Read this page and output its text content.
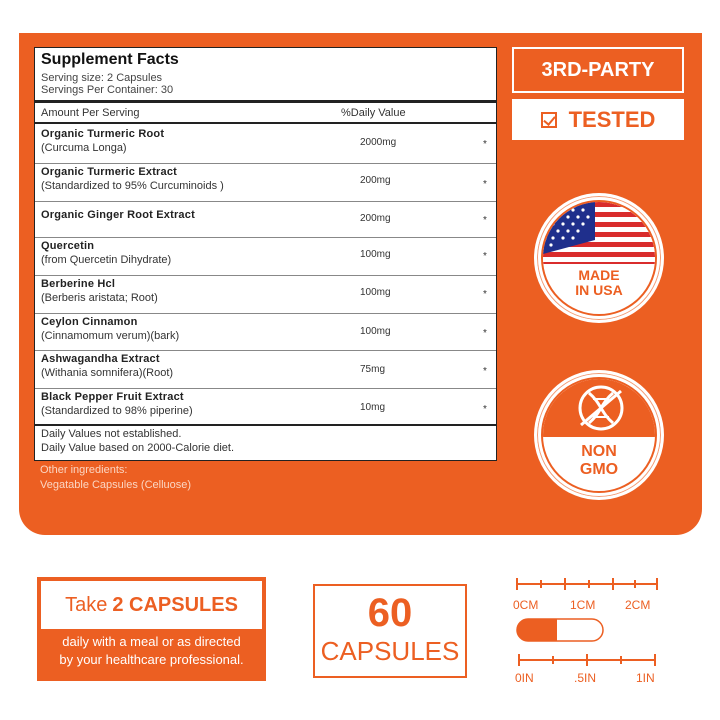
Supplement Facts
Serving size: 2 Capsules
Servings Per Container: 30
Amount Per Serving	%Daily Value
Organic Turmeric Root
(Curcuma Longa)	2000mg	*
Organic Turmeric Extract
(Standardized to 95% Curcuminoids )	200mg	*
Organic Ginger Root Extract	200mg	*
Quercetin
(from Quercetin Dihydrate)	100mg	*
Berberine Hcl
(Berberis aristata; Root)	100mg	*
Ceylon Cinnamon
(Cinnamomum verum)(bark)	100mg	*
Ashwagandha Extract
(Withania somnifera)(Root)	75mg	*
Black Pepper Fruit Extract
(Standardized to 98% piperine)	10mg	*
Daily Values not established.
Daily Value based on 2000-Calorie diet.
Other ingredients:
Vegatable Capsules (Celluose)
3RD-PARTY
TESTED
MADE
IN USA
NON
GMO
Take 2 CAPSULES
daily with a meal or as directed
by your healthcare professional.
60
CAPSULES
0CM	1CM 2CM
0IN	.5IN	1IN
